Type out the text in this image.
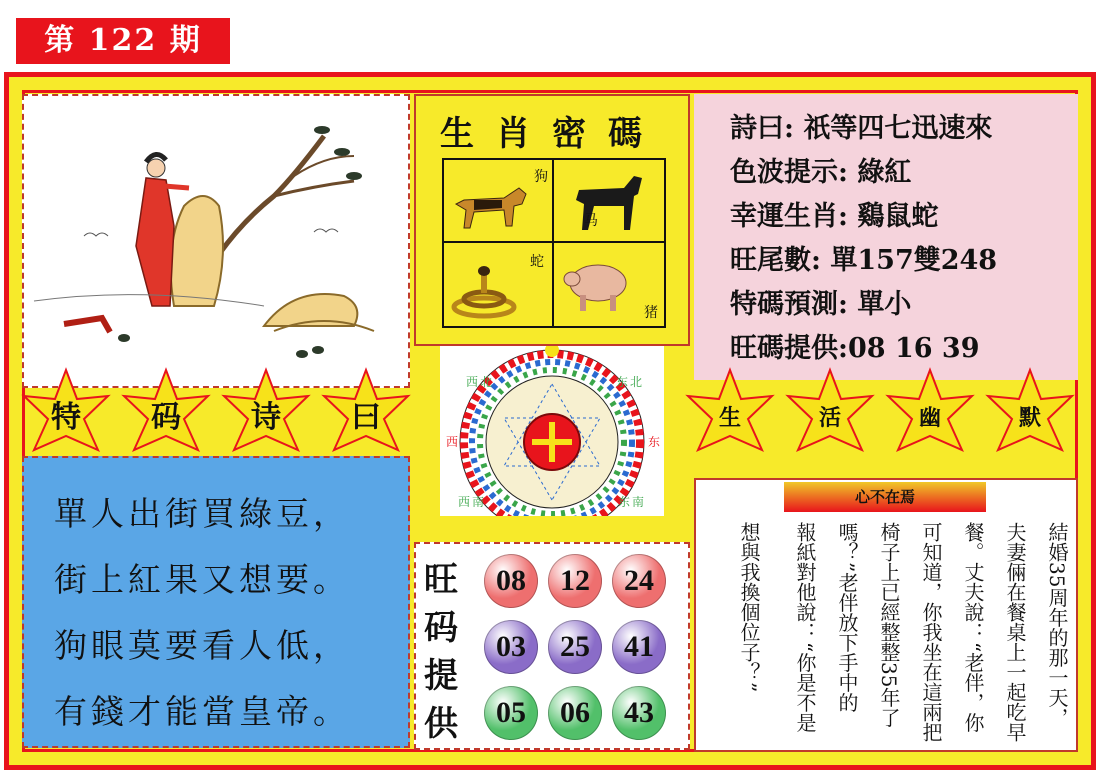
第 122 期
生肖密碼
狗
马
蛇
猪
詩曰: 祇等四七迅速來
色波提示: 綠紅
幸運生肖: 鷄鼠蛇
旺尾數: 單157雙248
特碼預測: 單小
旺碼提供:08 16 39
特 码 诗 曰	生	活	幽	默
西 北	东 北
西	东
西 南	东 南
單人出街買綠豆，
街上紅果又想要。
狗眼莫要看人低，
有錢才能當皇帝。
旺
码
提
供
08	12	24
03	25	41
05	06	43
心不在焉
結婚35周年的那一天，
夫妻倆在餐桌上一起吃早
餐。丈夫說：“老伴，你
可知道，你我坐在這兩把
椅子上已經整整35年了
嗎？”老伴放下手中的
報紙對他說：“你是不是
想與我換個位子？”
